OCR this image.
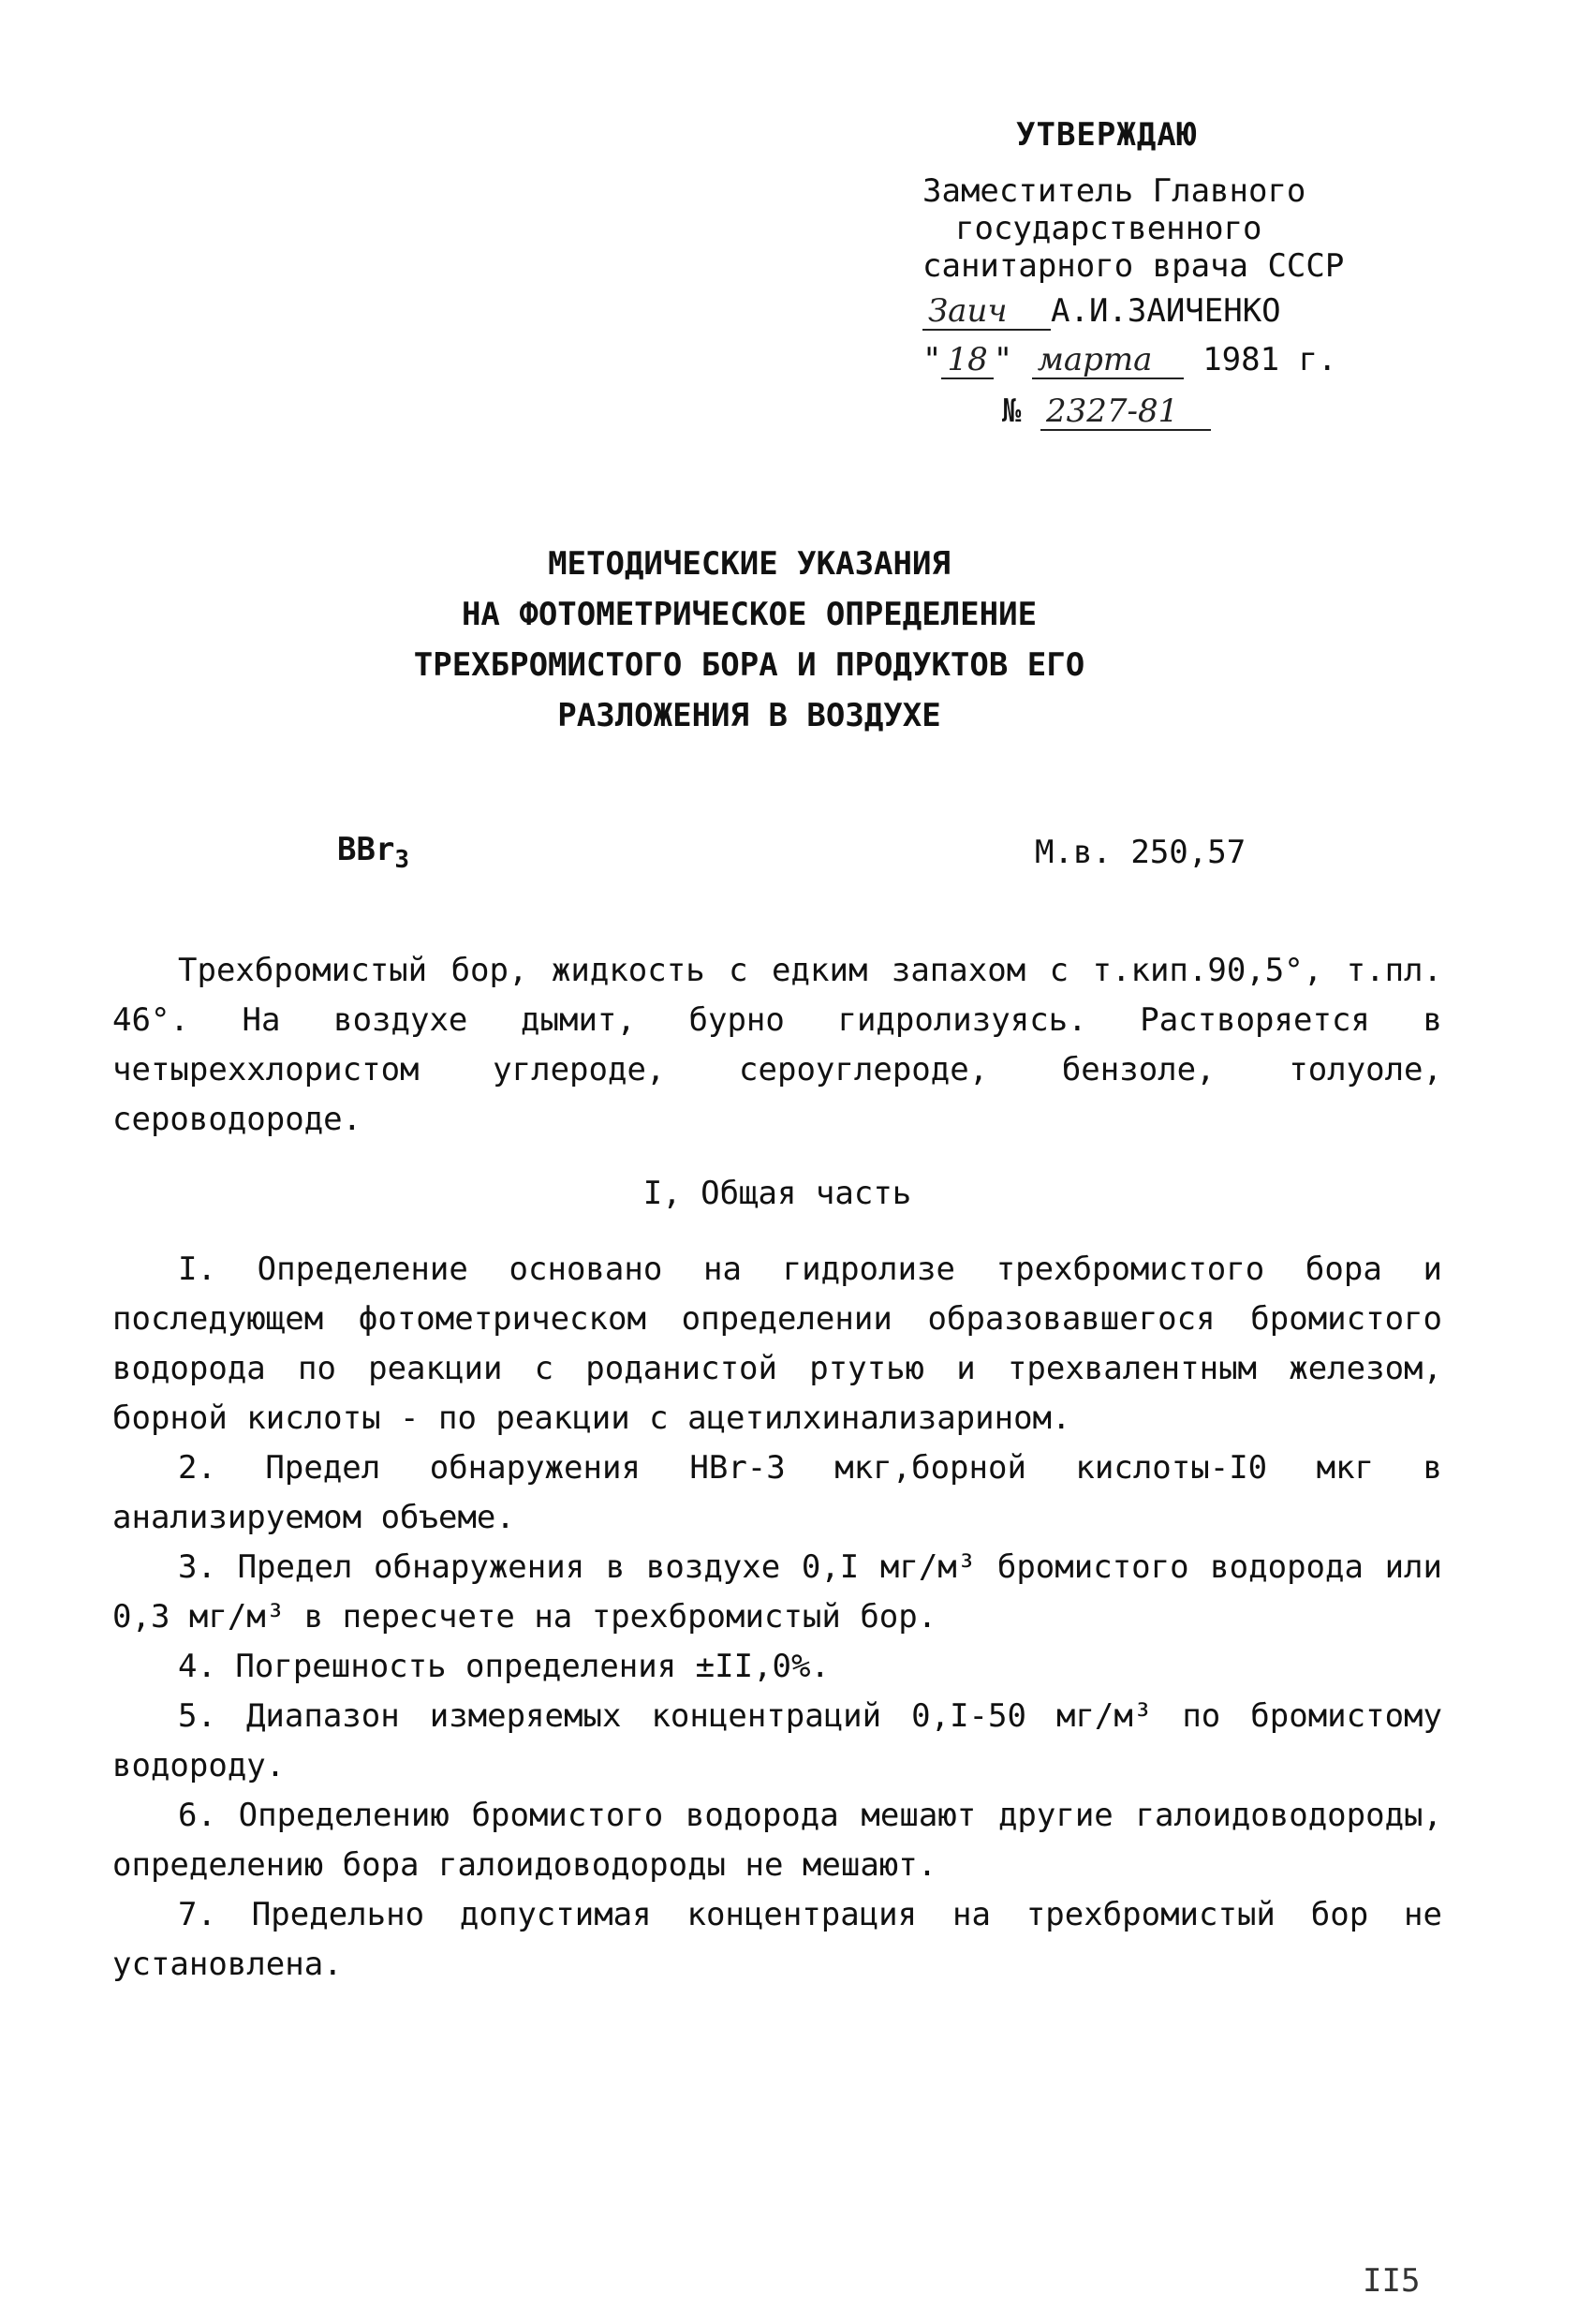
УТВЕРЖДАЮ
Заместитель Главного
государственного
санитарного врача СССР
Заич А.И.ЗАИЧЕНКО
" 18 " марта 1981 г.
№ 2327-81
МЕТОДИЧЕСКИЕ УКАЗАНИЯ
НА ФОТОМЕТРИЧЕСКОЕ ОПРЕДЕЛЕНИЕ
ТРЕХБРОМИСТОГО БОРА И ПРОДУКТОВ ЕГО
РАЗЛОЖЕНИЯ В ВОЗДУХЕ
BBr$_3$	М.в. 250,57

Трехбромистый бор, жидкость с едким запахом с т.кип.90,5°, т.пл. 46°. На воздухе дымит, бурно гидролизуясь. Растворяется в четыреххлористом углероде, сероуглероде, бензоле, толуоле, сероводороде.

I, Общая часть

I. Определение основано на гидролизе трехбромистого бора и последующем фотометрическом определении образовавшегося бромистого водорода по реакции с роданистой ртутью и трехвалентным железом, борной кислоты - по реакции с ацетилхинализарином.

2. Предел обнаружения HBr-3 мкг,борной кислоты-I0 мкг в анализируемом объеме.

3. Предел обнаружения в воздухе 0,I мг/м³ бромистого водорода или 0,3 мг/м³ в пересчете на трехбромистый бор.

4. Погрешность определения ±II,0%.

5. Диапазон измеряемых концентраций 0,I-50 мг/м³ по бромистому водороду.

6. Определению бромистого водорода мешают другие галоидоводороды, определению бора галоидоводороды не мешают.

7. Предельно допустимая концентрация на трехбромистый бор не установлена.

II5
